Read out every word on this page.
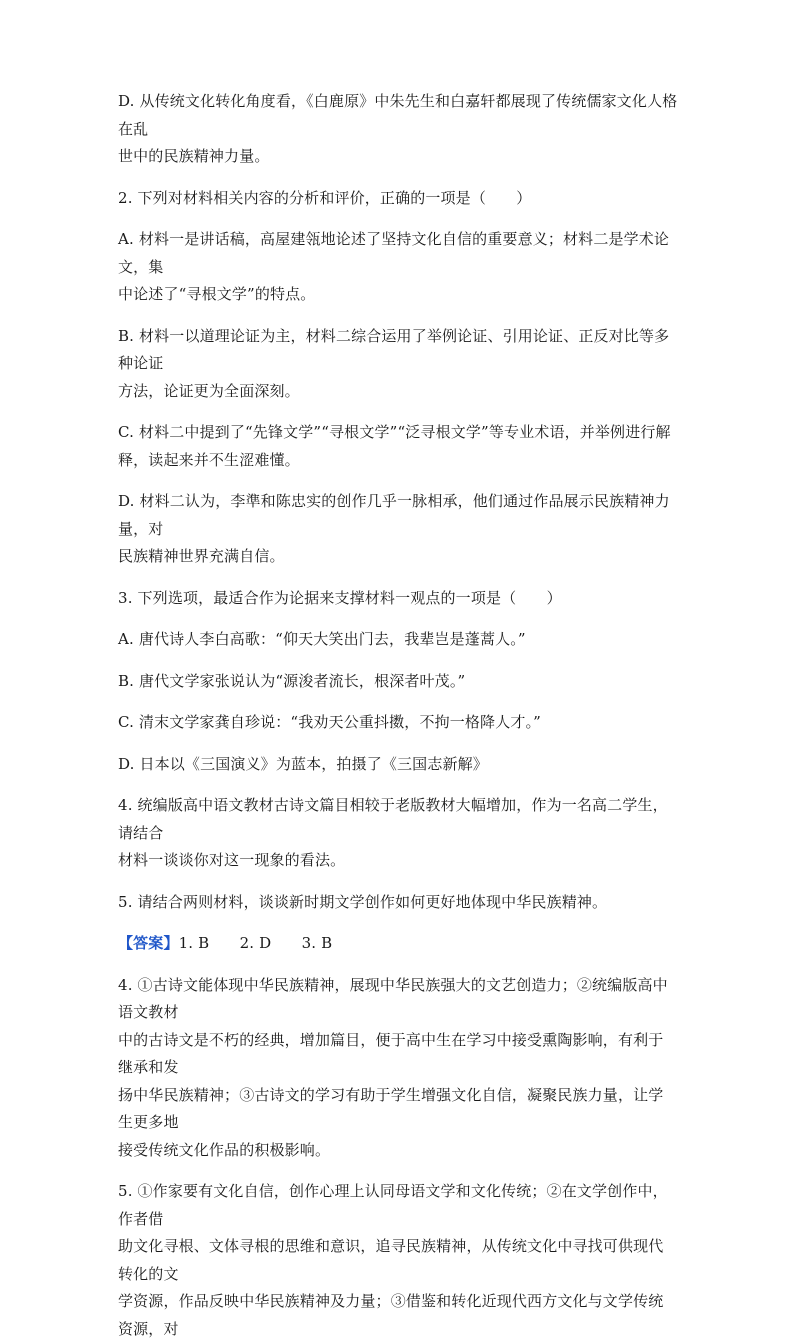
D. 从传统文化转化角度看，《白鹿原》中朱先生和白嘉轩都展现了传统儒家文化人格在乱
世中的民族精神力量。

2. 下列对材料相关内容的分析和评价，正确的一项是（　　）

A. 材料一是讲话稿，高屋建瓴地论述了坚持文化自信的重要意义；材料二是学术论文，集
中论述了“寻根文学”的特点。

B. 材料一以道理论证为主，材料二综合运用了举例论证、引用论证、正反对比等多种论证
方法，论证更为全面深刻。

C. 材料二中提到了“先锋文学”“寻根文学”“泛寻根文学”等专业术语，并举例进行解
释，读起来并不生涩难懂。

D. 材料二认为，李準和陈忠实的创作几乎一脉相承，他们通过作品展示民族精神力量，对
民族精神世界充满自信。

3. 下列选项，最适合作为论据来支撑材料一观点的一项是（　　）

A. 唐代诗人李白高歌：“仰天大笑出门去，我辈岂是蓬蒿人。”

B. 唐代文学家张说认为“源浚者流长，根深者叶茂。”

C. 清末文学家龚自珍说：“我劝天公重抖擞，不拘一格降人才。”

D. 日本以《三国演义》为蓝本，拍摄了《三国志新解》

4. 统编版高中语文教材古诗文篇目相较于老版教材大幅增加，作为一名高二学生，请结合
材料一谈谈你对这一现象的看法。

5. 请结合两则材料，谈谈新时期文学创作如何更好地体现中华民族精神。

【答案】1. B　　2. D　　3. B

4. ①古诗文能体现中华民族精神，展现中华民族强大的文艺创造力；②统编版高中语文教材
中的古诗文是不朽的经典，增加篇目，便于高中生在学习中接受熏陶影响，有利于继承和发
扬中华民族精神；③古诗文的学习有助于学生增强文化自信，凝聚民族力量，让学生更多地
接受传统文化作品的积极影响。

5. ①作家要有文化自信，创作心理上认同母语文学和文化传统；②在文学创作中，作者借
助文化寻根、文体寻根的思维和意识，追寻民族精神，从传统文化中寻找可供现代转化的文
学资源，作品反映中华民族精神及力量；③借鉴和转化近现代西方文化与文学传统资源，对
